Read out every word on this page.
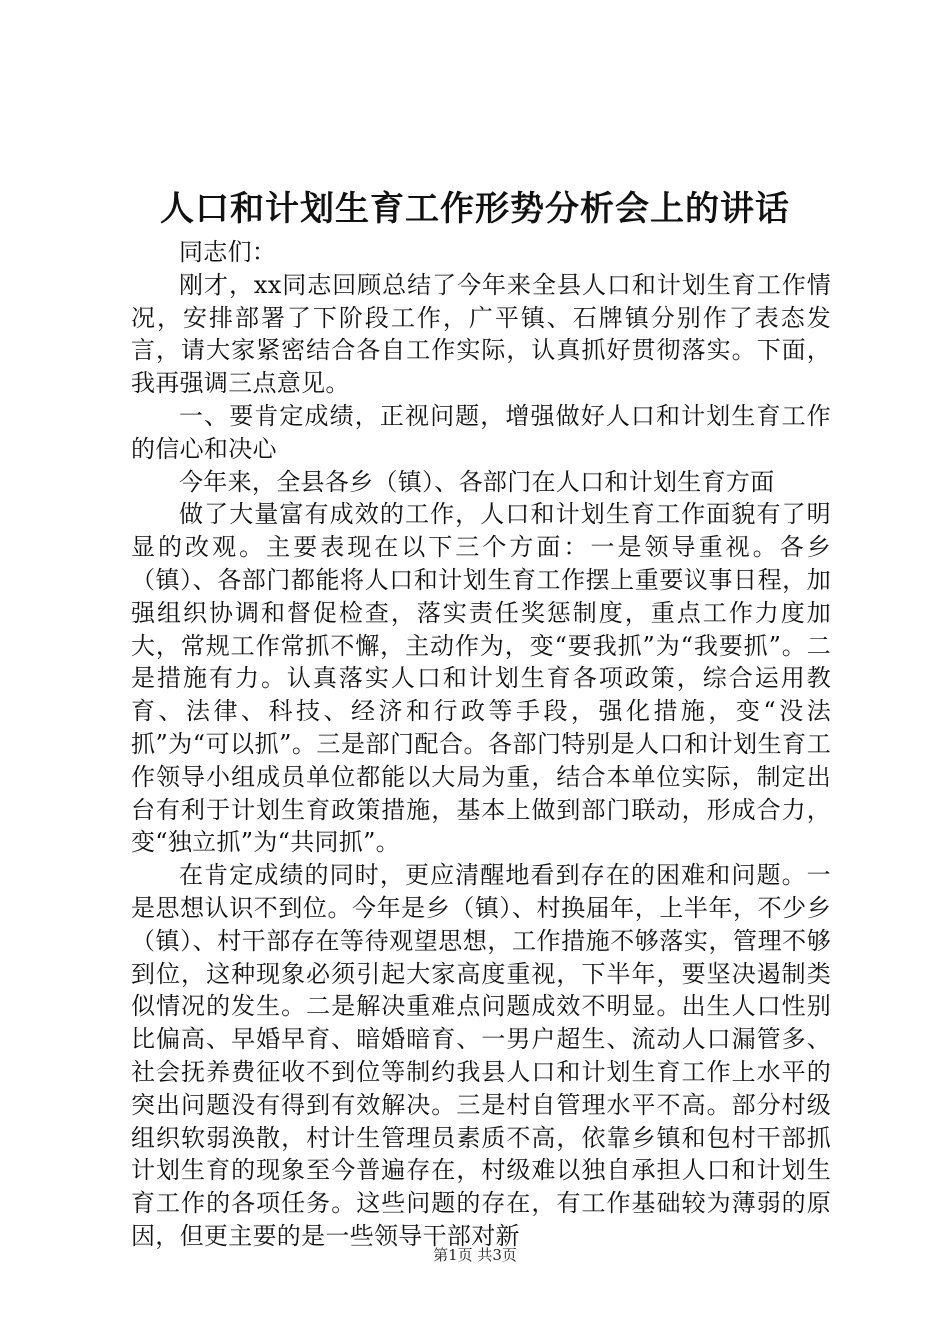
人口和计划生育工作形势分析会上的讲话

同志们：

刚才，xx同志回顾总结了今年来全县人口和计划生育工作情况，安排部署了下阶段工作，广平镇、石牌镇分别作了表态发言，请大家紧密结合各自工作实际，认真抓好贯彻落实。下面，我再强调三点意见。

一、要肯定成绩，正视问题，增强做好人口和计划生育工作的信心和决心

今年来，全县各乡（镇）、各部门在人口和计划生育方面

做了大量富有成效的工作，人口和计划生育工作面貌有了明显的改观。主要表现在以下三个方面：一是领导重视。各乡（镇）、各部门都能将人口和计划生育工作摆上重要议事日程，加强组织协调和督促检查，落实责任奖惩制度，重点工作力度加大，常规工作常抓不懈，主动作为，变“要我抓”为“我要抓”。二是措施有力。认真落实人口和计划生育各项政策，综合运用教育、法律、科技、经济和行政等手段，强化措施，变“没法抓”为“可以抓”。三是部门配合。各部门特别是人口和计划生育工作领导小组成员单位都能以大局为重，结合本单位实际，制定出台有利于计划生育政策措施，基本上做到部门联动，形成合力，变“独立抓”为“共同抓”。

在肯定成绩的同时，更应清醒地看到存在的困难和问题。一是思想认识不到位。今年是乡（镇）、村换届年，上半年，不少乡（镇）、村干部存在等待观望思想，工作措施不够落实，管理不够到位，这种现象必须引起大家高度重视，下半年，要坚决遏制类似情况的发生。二是解决重难点问题成效不明显。出生人口性别比偏高、早婚早育、暗婚暗育、一男户超生、流动人口漏管多、社会抚养费征收不到位等制约我县人口和计划生育工作上水平的突出问题没有得到有效解决。三是村自管理水平不高。部分村级组织软弱涣散，村计生管理员素质不高，依靠乡镇和包村干部抓计划生育的现象至今普遍存在，村级难以独自承担人口和计划生育工作的各项任务。这些问题的存在，有工作基础较为薄弱的原因，但更主要的是一些领导干部对新

第1页 共3页
